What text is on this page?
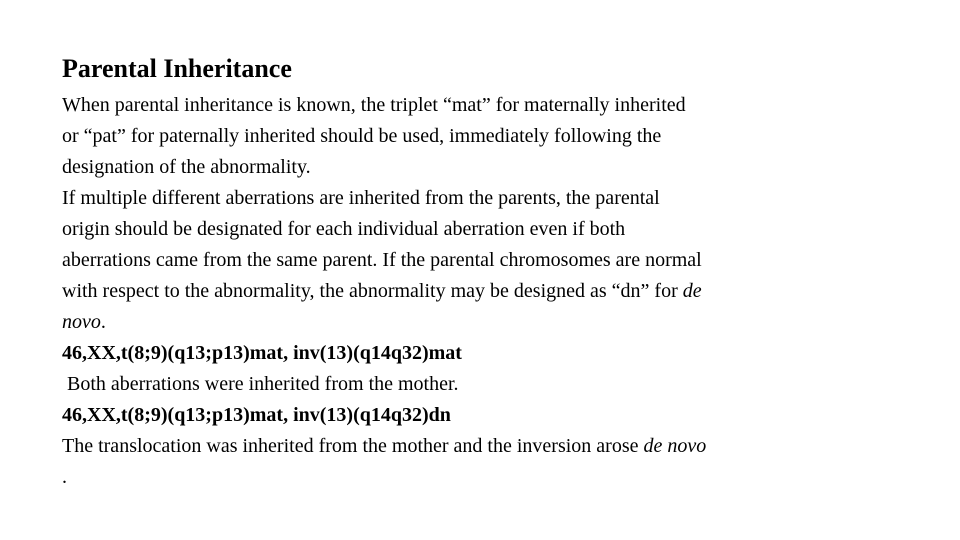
Parental Inheritance
When parental inheritance is known, the triplet “mat” for maternally inherited
or “pat” for paternally inherited should be used, immediately following the
designation of the abnormality.
If multiple different aberrations are inherited from the parents, the parental
origin should be designated for each individual aberration even if both
aberrations came from the same parent. If the parental chromosomes are normal
with respect to the abnormality, the abnormality may be designed as “dn” for de
novo.
46,XX,t(8;9)(q13;p13)mat, inv(13)(q14q32)mat
Both aberrations were inherited from the mother.
46,XX,t(8;9)(q13;p13)mat, inv(13)(q14q32)dn
The translocation was inherited from the mother and the inversion arose de novo
.
